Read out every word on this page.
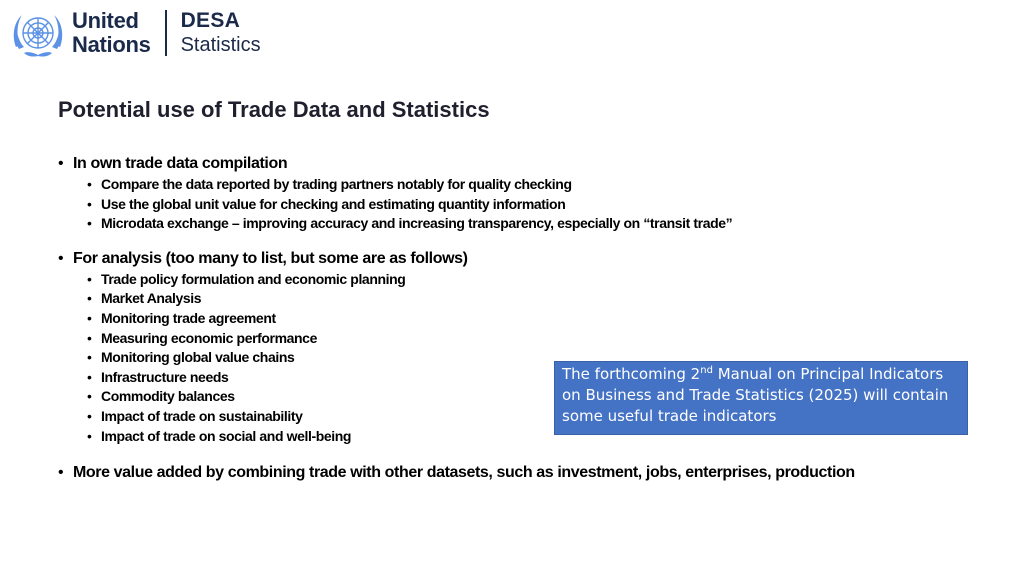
United
Nations
DESA
Statistics
Potential use of Trade Data and Statistics
• In own trade data compilation
• Compare the data reported by trading partners notably for quality checking
• Use the global unit value for checking and estimating quantity information
• Microdata exchange – improving accuracy and increasing transparency, especially on “transit trade”
• For analysis (too many to list, but some are as follows)
• Trade policy formulation and economic planning
• Market Analysis
• Monitoring trade agreement
• Measuring economic performance
• Monitoring global value chains
• Infrastructure needs
• Commodity balances
• Impact of trade on sustainability
• Impact of trade on social and well-being
• More value added by combining trade with other datasets, such as investment, jobs, enterprises, production
The forthcoming 2nd Manual on Principal Indicators on Business and Trade Statistics (2025) will contain some useful trade indicators
